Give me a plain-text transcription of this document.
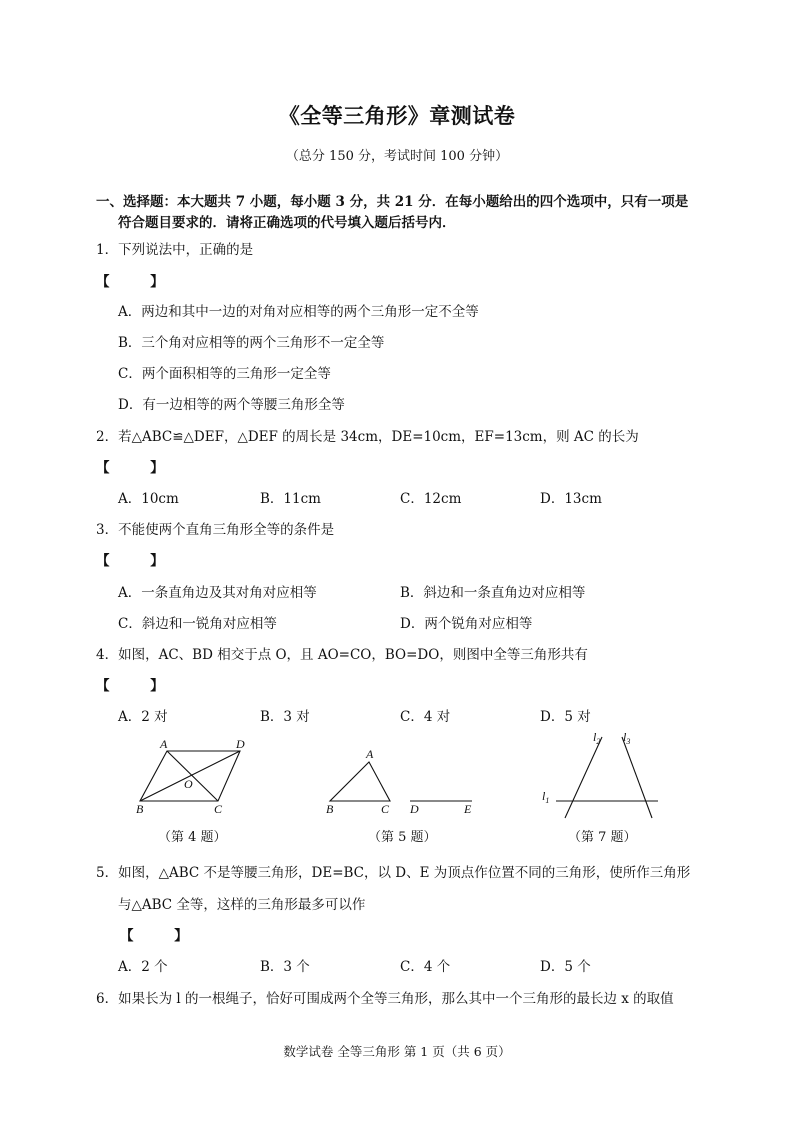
《全等三角形》章测试卷
（总分 150 分，考试时间 100 分钟）
一、选择题：本大题共 7 小题，每小题 3 分，共 21 分．在每小题给出的四个选项中，只有一项是
符合题目要求的．请将正确选项的代号填入题后括号内．
1．下列说法中，正确的是
【 】
A．两边和其中一边的对角对应相等的两个三角形一定不全等
B．三个角对应相等的两个三角形不一定全等
C．两个面积相等的三角形一定全等
D．有一边相等的两个等腰三角形全等
2．若△ABC≌△DEF，△DEF 的周长是 34cm，DE=10cm，EF=13cm，则 AC 的长为
【 】
A．10cm	B．11cm	C．12cm	D．13cm
3．不能使两个直角三角形全等的条件是
【 】
A．一条直角边及其对角对应相等	B．斜边和一条直角边对应相等
C．斜边和一锐角对应相等	D．两个锐角对应相等
4．如图，AC、BD 相交于点 O，且 AO=CO，BO=DO，则图中全等三角形共有
【 】
A．2 对	B．3 对	C．4 对	D．5 对
A	D
O
B	C
A
B	C D	E
$l_2$ $l_3$
$l_1$
（第 4 题）	（第 5 题）	（第 7 题）
5．如图，△ABC 不是等腰三角形，DE=BC，以 D、E 为顶点作位置不同的三角形，使所作三角形
与△ABC 全等，这样的三角形最多可以作
【 】
A．2 个	B．3 个	C．4 个	D．5 个
6．如果长为 l 的一根绳子，恰好可围成两个全等三角形，那么其中一个三角形的最长边 x 的取值
数学试卷 全等三角形 第 1 页（共 6 页）
